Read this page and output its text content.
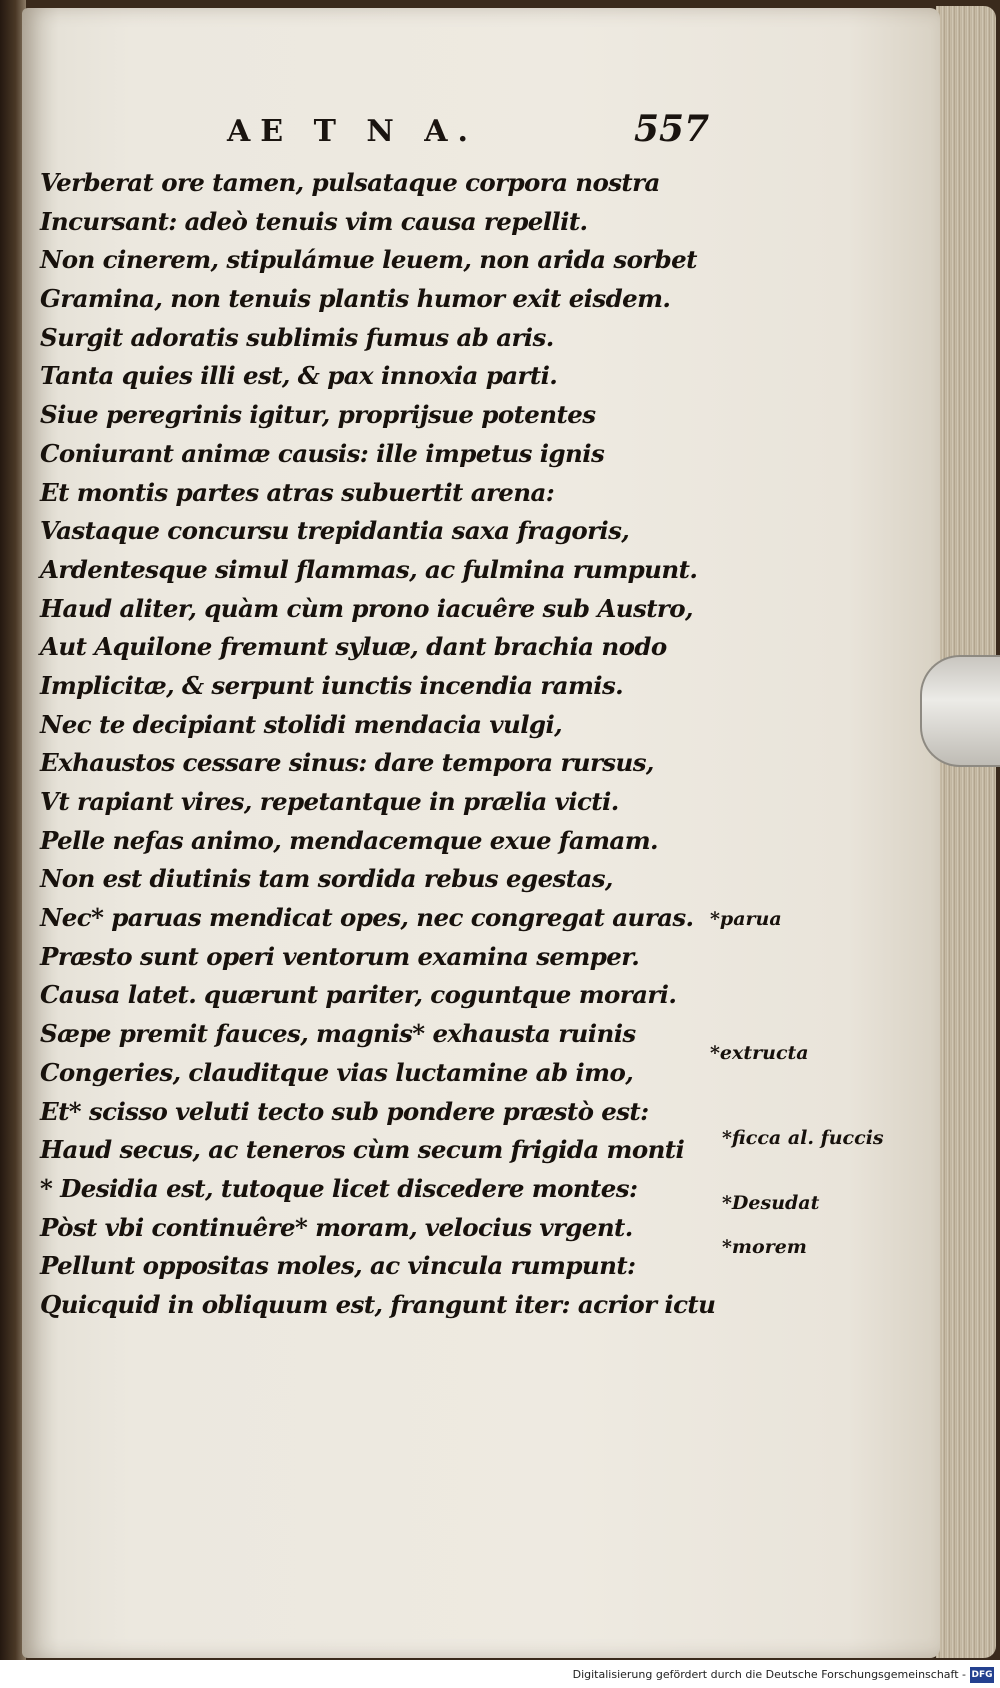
AE T N A.	557
Verberat ore tamen, pulsataque corpora nostra
Incursant: adeò tenuis vim causa repellit.
Non cinerem, stipulámue leuem, non arida sorbet
Gramina, non tenuis plantis humor exit eisdem.
Surgit adoratis sublimis fumus ab aris.
Tanta quies illi est, & pax innoxia parti.
Siue peregrinis igitur, proprijsue potentes
Coniurant animæ causis: ille impetus ignis
Et montis partes atras subuertit arena:
Vastaque concursu trepidantia saxa fragoris,
Ardentesque simul flammas, ac fulmina rumpunt.
Haud aliter, quàm cùm prono iacuêre sub Austro,
Aut Aquilone fremunt syluæ, dant brachia nodo
Implicitæ, & serpunt iunctis incendia ramis.
Nec te decipiant stolidi mendacia vulgi,
Exhaustos cessare sinus: dare tempora rursus,
Vt rapiant vires, repetantque in prælia victi.
Pelle nefas animo, mendacemque exue famam.
Non est diutinis tam sordida rebus egestas,
Nec* paruas mendicat opes, nec congregat auras.
Præsto sunt operi ventorum examina semper.
Causa latet. quærunt pariter, coguntque morari.
Sæpe premit fauces, magnis* exhausta ruinis
Congeries, clauditque vias luctamine ab imo,
Et* scisso veluti tecto sub pondere præstò est:
Haud secus, ac teneros cùm secum frigida monti
* Desidia est, tutoque licet discedere montes:
Pòst vbi continuêre* moram, velocius vrgent.
Pellunt oppositas moles, ac vincula rumpunt:
Quicquid in obliquum est, frangunt iter: acrior ictu
*parua
*extructa
*ficca al. fuccis
*Desudat
*morem
Digitalisierung gefördert durch die Deutsche Forschungsgemeinschaft - DFG
